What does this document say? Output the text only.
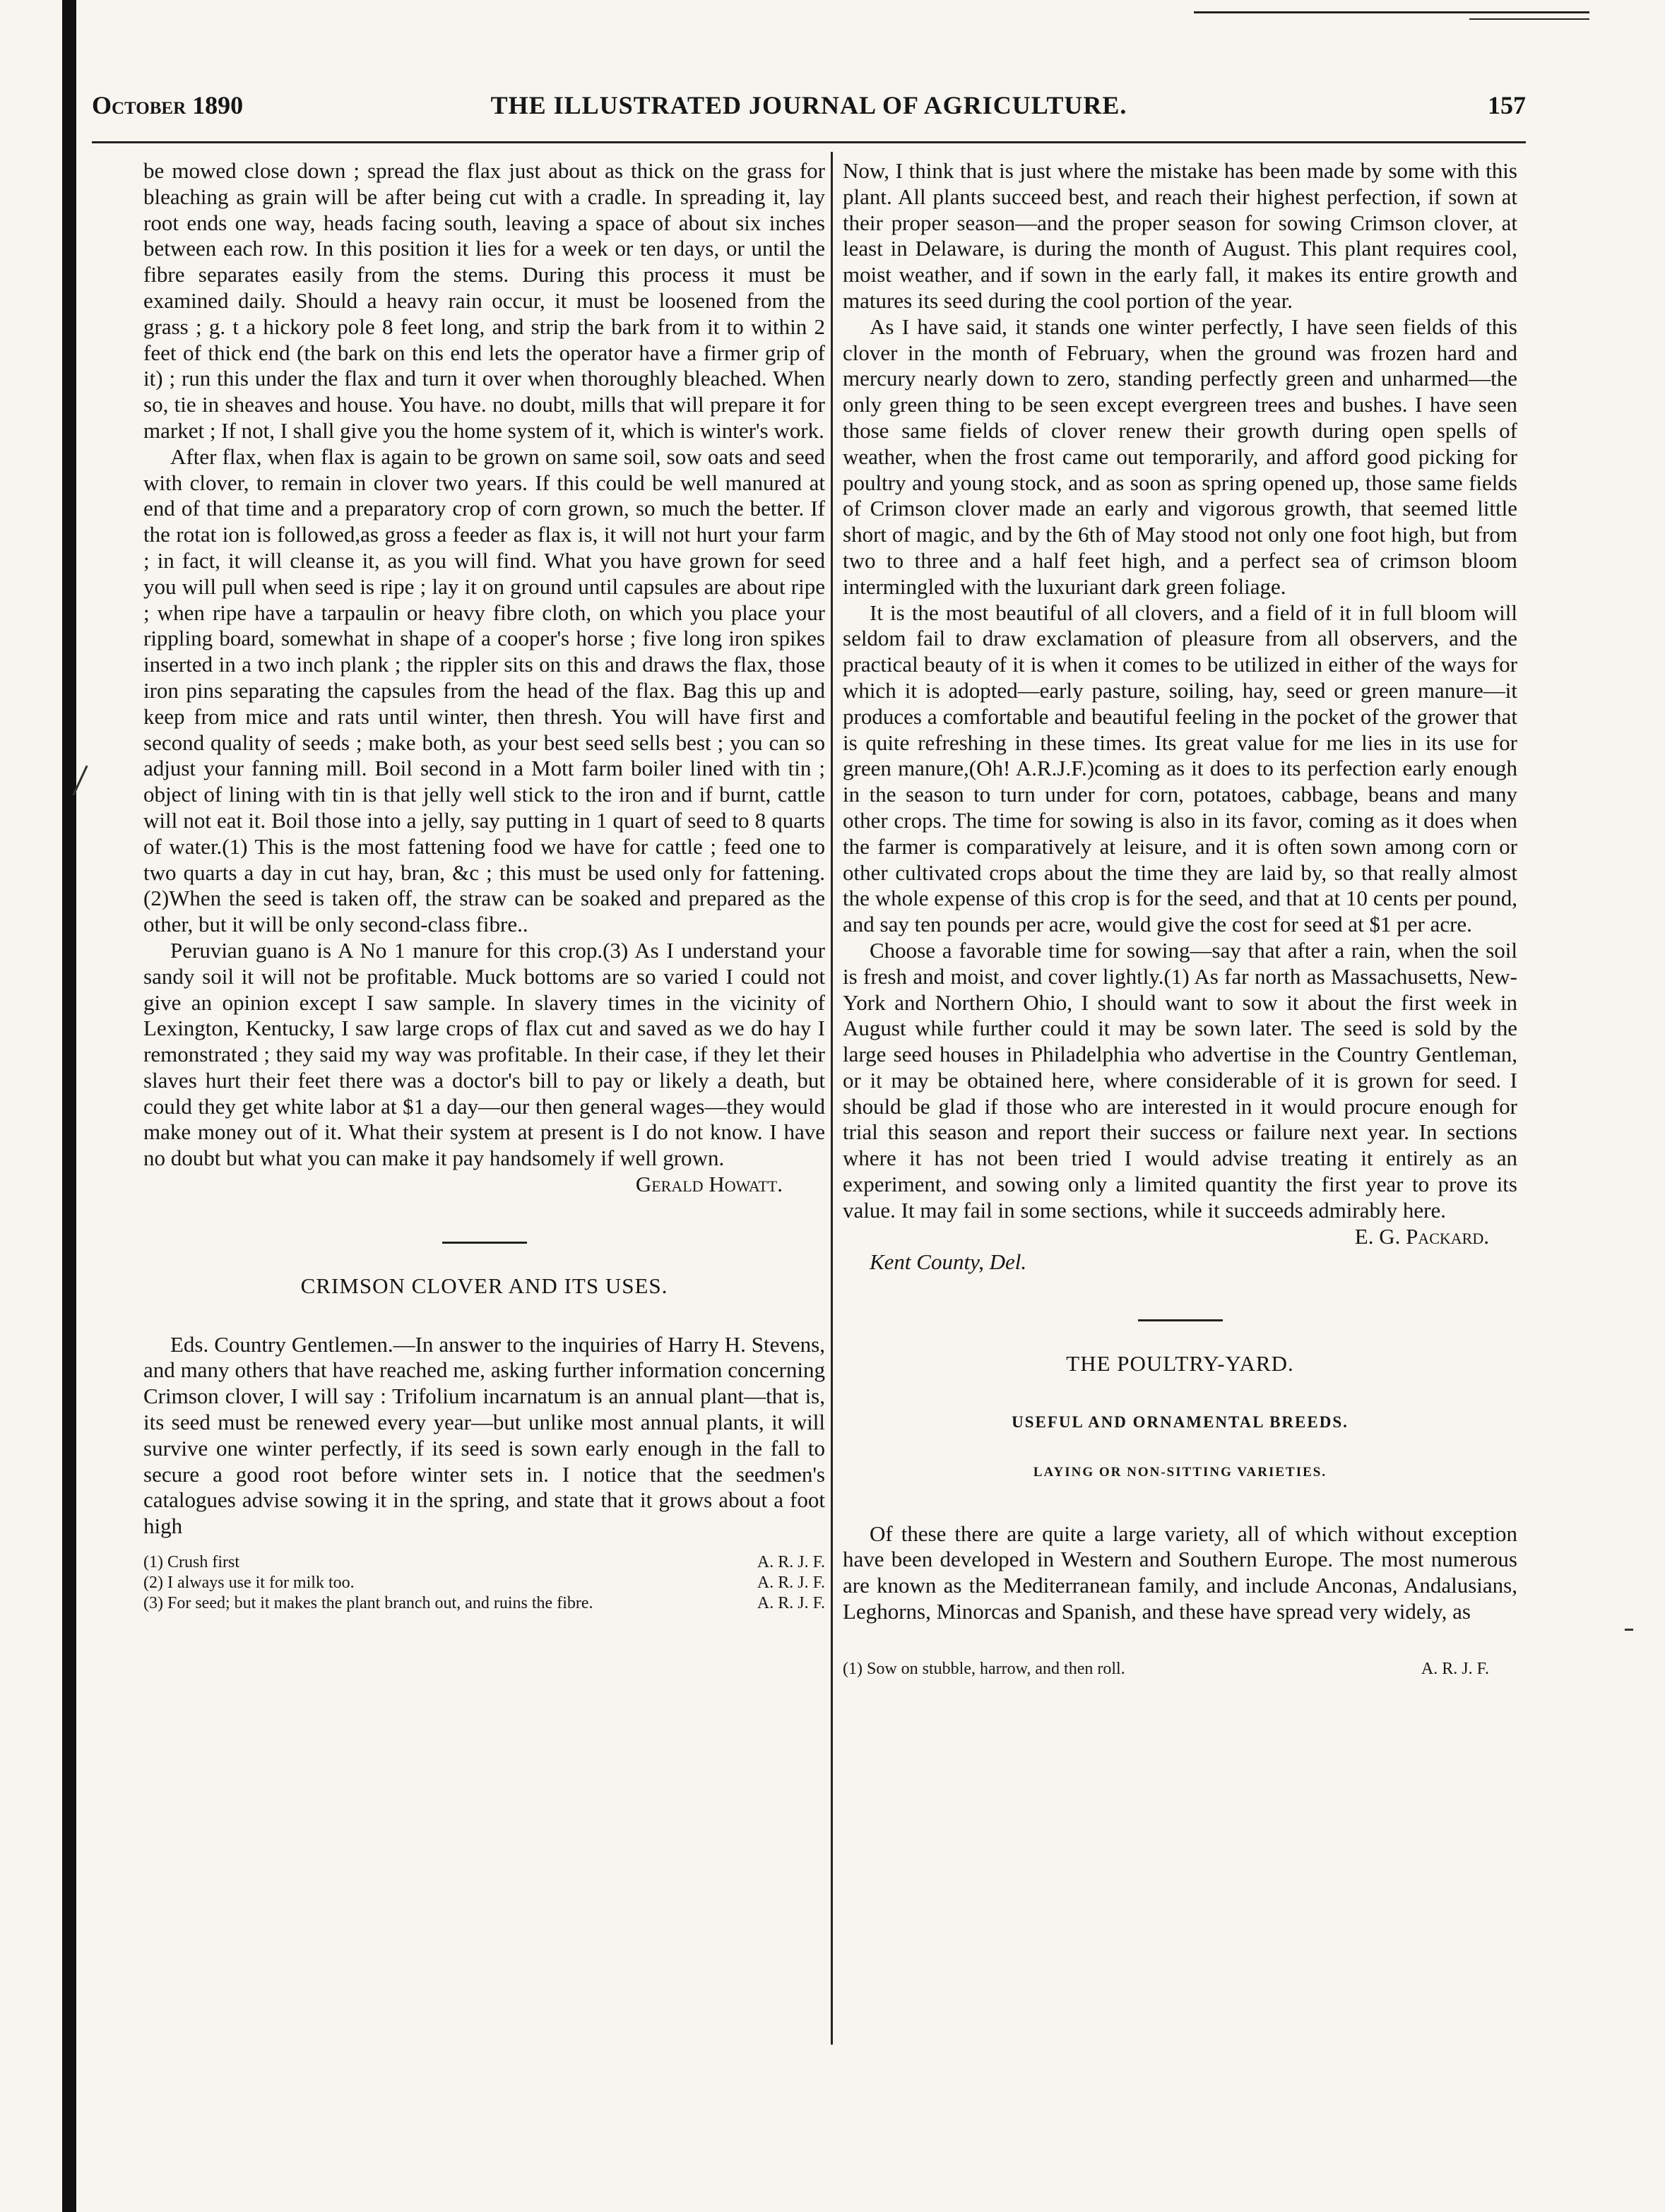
October 1890	THE ILLUSTRATED JOURNAL OF AGRICULTURE.	157

be mowed close down ; spread the flax just about as thick on the grass for bleaching as grain will be after being cut with a cradle. In spreading it, lay root ends one way, heads facing south, leaving a space of about six inches between each row. In this position it lies for a week or ten days, or until the fibre separates easily from the stems. During this process it must be examined daily. Should a heavy rain occur, it must be loosened from the grass ; g. t a hickory pole 8 feet long, and strip the bark from it to within 2 feet of thick end (the bark on this end lets the operator have a firmer grip of it) ; run this under the flax and turn it over when thoroughly bleached. When so, tie in sheaves and house. You have. no doubt, mills that will prepare it for market ; If not, I shall give you the home system of it, which is winter's work.

After flax, when flax is again to be grown on same soil, sow oats and seed with clover, to remain in clover two years. If this could be well manured at end of that time and a preparatory crop of corn grown, so much the better. If the rotat ion is followed,as gross a feeder as flax is, it will not hurt your farm ; in fact, it will cleanse it, as you will find. What you have grown for seed you will pull when seed is ripe ; lay it on ground until capsules are about ripe ; when ripe have a tarpaulin or heavy fibre cloth, on which you place your rippling board, somewhat in shape of a cooper's horse ; five long iron spikes inserted in a two inch plank ; the rippler sits on this and draws the flax, those iron pins separating the capsules from the head of the flax. Bag this up and keep from mice and rats until winter, then thresh. You will have first and second quality of seeds ; make both, as your best seed sells best ; you can so adjust your fanning mill. Boil second in a Mott farm boiler lined with tin ; object of lining with tin is that jelly well stick to the iron and if burnt, cattle will not eat it. Boil those into a jelly, say putting in 1 quart of seed to 8 quarts of water.(1) This is the most fattening food we have for cattle ; feed one to two quarts a day in cut hay, bran, &c ; this must be used only for fattening.(2)When the seed is taken off, the straw can be soaked and prepared as the other, but it will be only second-class fibre..

Peruvian guano is A No 1 manure for this crop.(3) As I understand your sandy soil it will not be profitable. Muck bottoms are so varied I could not give an opinion except I saw sample. In slavery times in the vicinity of Lexington, Kentucky, I saw large crops of flax cut and saved as we do hay I remonstrated ; they said my way was profitable. In their case, if they let their slaves hurt their feet there was a doctor's bill to pay or likely a death, but could they get white labor at $1 a day—our then general wages—they would make money out of it. What their system at present is I do not know. I have no doubt but what you can make it pay handsomely if well grown.

Gerald Howatt.

CRIMSON CLOVER AND ITS USES.

Eds. Country Gentlemen.—In answer to the inquiries of Harry H. Stevens, and many others that have reached me, asking further information concerning Crimson clover, I will say : Trifolium incarnatum is an annual plant—that is, its seed must be renewed every year—but unlike most annual plants, it will survive one winter perfectly, if its seed is sown early enough in the fall to secure a good root before winter sets in. I notice that the seedmen's catalogues advise sowing it in the spring, and state that it grows about a foot high

(1) Crush first	A. R. J. F.
(2) I always use it for milk too.	A. R. J. F.
(3) For seed; but it makes the plant branch out, and ruins the fibre.	A. R. J. F.

Now, I think that is just where the mistake has been made by some with this plant. All plants succeed best, and reach their highest perfection, if sown at their proper season—and the proper season for sowing Crimson clover, at least in Delaware, is during the month of August. This plant requires cool, moist weather, and if sown in the early fall, it makes its entire growth and matures its seed during the cool portion of the year.

As I have said, it stands one winter perfectly, I have seen fields of this clover in the month of February, when the ground was frozen hard and mercury nearly down to zero, standing perfectly green and unharmed—the only green thing to be seen except evergreen trees and bushes. I have seen those same fields of clover renew their growth during open spells of weather, when the frost came out temporarily, and afford good picking for poultry and young stock, and as soon as spring opened up, those same fields of Crimson clover made an early and vigorous growth, that seemed little short of magic, and by the 6th of May stood not only one foot high, but from two to three and a half feet high, and a perfect sea of crimson bloom intermingled with the luxuriant dark green foliage.

It is the most beautiful of all clovers, and a field of it in full bloom will seldom fail to draw exclamation of pleasure from all observers, and the practical beauty of it is when it comes to be utilized in either of the ways for which it is adopted—early pasture, soiling, hay, seed or green manure—it produces a comfortable and beautiful feeling in the pocket of the grower that is quite refreshing in these times. Its great value for me lies in its use for green manure,(Oh! A.R.J.F.)coming as it does to its perfection early enough in the season to turn under for corn, potatoes, cabbage, beans and many other crops. The time for sowing is also in its favor, coming as it does when the farmer is comparatively at leisure, and it is often sown among corn or other cultivated crops about the time they are laid by, so that really almost the whole expense of this crop is for the seed, and that at 10 cents per pound, and say ten pounds per acre, would give the cost for seed at $1 per acre.

Choose a favorable time for sowing—say that after a rain, when the soil is fresh and moist, and cover lightly.(1) As far north as Massachusetts, New-York and Northern Ohio, I should want to sow it about the first week in August while further could it may be sown later. The seed is sold by the large seed houses in Philadelphia who advertise in the Country Gentleman, or it may be obtained here, where considerable of it is grown for seed. I should be glad if those who are interested in it would procure enough for trial this season and report their success or failure next year. In sections where it has not been tried I would advise treating it entirely as an experiment, and sowing only a limited quantity the first year to prove its value. It may fail in some sections, while it succeeds admirably here.

E. G. Packard.

Kent County, Del.

THE POULTRY-YARD.
USEFUL AND ORNAMENTAL BREEDS.
LAYING OR NON-SITTING VARIETIES.

Of these there are quite a large variety, all of which without exception have been developed in Western and Southern Europe. The most numerous are known as the Mediterranean family, and include Anconas, Andalusians, Leghorns, Minorcas and Spanish, and these have spread very widely, as

(1) Sow on stubble, harrow, and then roll.	A. R. J. F.
